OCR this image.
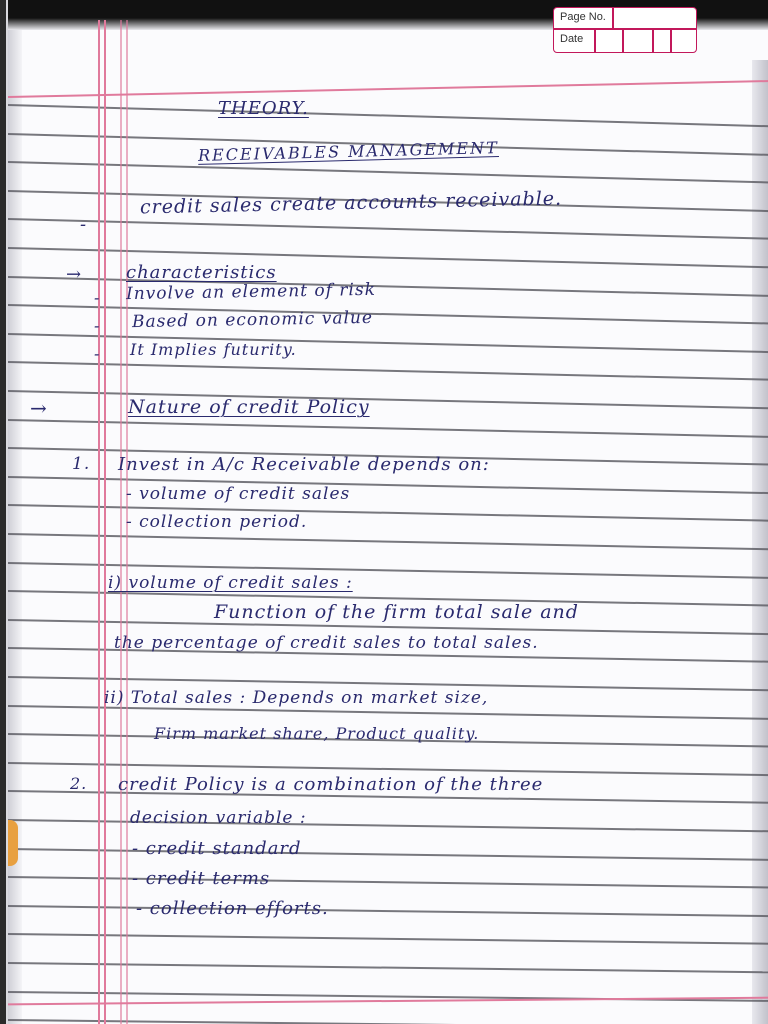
Page No.
Date
THEORY.
RECEIVABLES MANAGEMENT
-
credit sales create accounts receivable.
→ characteristics
- Involve an element of risk
- Based on economic value
- It Implies futurity.
→	Nature of credit Policy
1. Invest in A/c Receivable depends on:
- volume of credit sales
- collection period.
i) volume of credit sales :
Function of the firm total sale and
the percentage of credit sales to total sales.
ii) Total sales : Depends on market size,
Firm market share, Product quality.
2. credit Policy is a combination of the three
decision variable :
- credit standard
- credit terms
- collection efforts.
